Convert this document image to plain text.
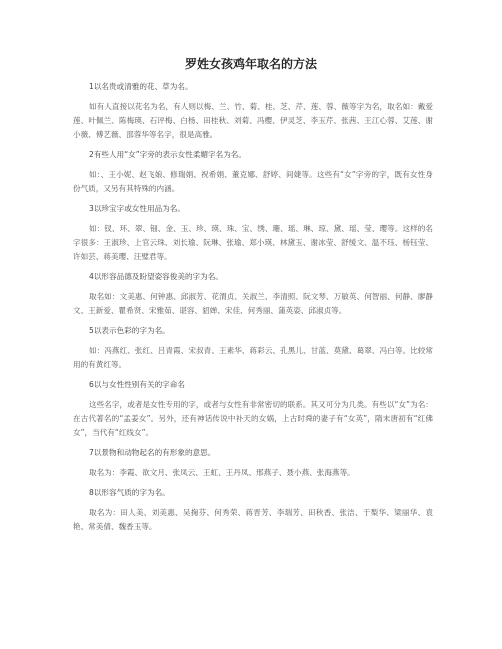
罗姓女孩鸡年取名的方法

1以名贵或清雅的花、草为名。

如有人直接以花名为名，有人则以梅、兰、竹、菊、桂、芝、芹、莲、蓉、薇等字为名，取名如：戴爱莲、叶佩兰、陈梅瑛、石评梅、白杨、田桂秋、刘菊、冯樱、伊灵芝、李玉芹、张茜、王江心蓉、艾莲、谢小薇、傅艺薇、邵蓉华等名字，很是高雅。

2有些人用“女”字旁的表示女性柔媚字名为名。

如：、王小妮、赵飞娘、修瑞娟、祝希娟、董克娜、舒婷、间婕等。这些有“女”字旁的字，既有女性身份气质，又另有其特殊的内涵。

3以珍宝字或女性用品为名。

如：钗、环、翠、钿、金、玉、珍、瑛、珠、宝、绣、珊、瑶、琳、琼、黛、瑶、莹、璎等。这样的名字很多：王淑珍、上官云珠、刘长瑜、阮琳、张瑜、郑小瑛、林黛玉、谢冰莹、舒缓文、温不珏、杨钰莹、许如芸、蒋美璎、汪璧君等。

4以形容品德及盼望姿容俊美的字为名。

取名如：文美惠、何钟惠、邱淑芳、花渭贞、关淑兰、李清照、阮文琴、万敏英、何智丽、何静、廖静文、王新爱、瞿希贤、宋雅茹、谌容、貂婵、宋佳、何秀丽、蒲英姿、邱淑贞等。

5以表示色彩的字为名。

如：冯燕红、张红、吕青霞、宋叔青、王素华、蒋彩云、孔黑儿、甘蓝、莫黛、葛翠、冯白等。比较常用的有黄红等。

6以与女性性别有关的字命名

这些名字，或者是女性专用的字，或者与女性有非常密切的联系。其又可分为几类。有些以“女”为名：在古代著名的“孟姜女”。另外，还有神话传说中补天的女娲，上古时舜的妻子有“女英”，隋末唐初有“红佛女”，当代有“红线女”。

7以景物和动物起名的有形象的意思。

取名为：李霞、欲文月、张凤云、王虹、王丹凤、邢燕子、聂小燕、张海燕等。

8以形容气质的字为名。

取名为：田人美、刘美惠、吴掬芬、何秀荣、蒋晋芳、李瑞芳、田秋香、张洁、于梨华、梁丽华、袁艳、常美倩、魏香玉等。
